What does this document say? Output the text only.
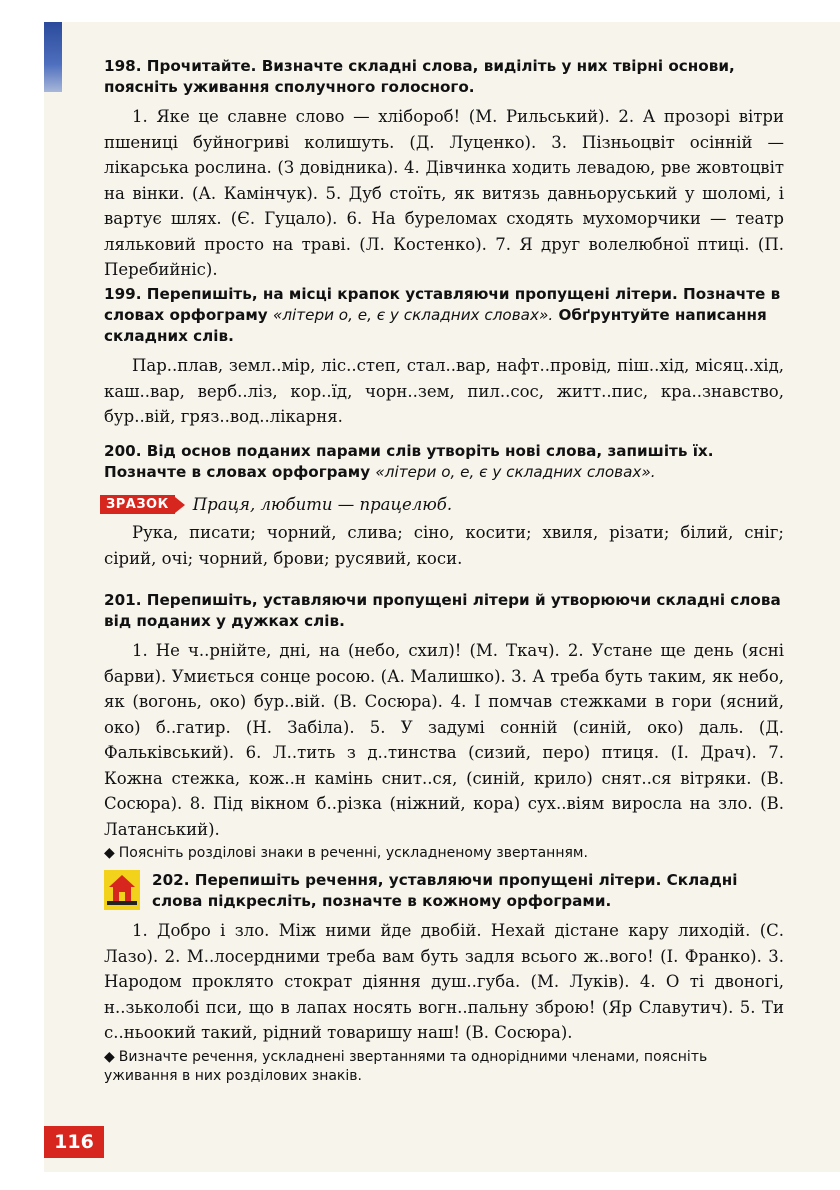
198. Прочитайте. Визначте складні слова, виділіть у них твірні основи, поясніть уживання сполучного голосного.

1. Яке це славне слово — хлібороб! (М. Рильський). 2. А прозорі вітри пшениці буйногриві колишуть. (Д. Луценко). 3. Пізньоцвіт осінній — лікарська рослина. (З довідника). 4. Дівчинка ходить левадою, рве жовтоцвіт на вінки. (А. Камінчук). 5. Дуб стоїть, як витязь давньоруський у шоломі, і вартує шлях. (Є. Гуцало). 6. На буреломах сходять мухоморчики — театр ляльковий просто на траві. (Л. Костенко). 7. Я друг волелюбної птиці. (П. Перебийніс).

199. Перепишіть, на місці крапок уставляючи пропущені літери. Позначте в словах орфограму «літери о, е, є у складних словах». Обґрунтуйте написання складних слів.

Пар..плав, земл..мір, ліс..степ, стал..вар, нафт..провід, піш..хід, місяц..хід, каш..вар, верб..лiз, кор..їд, чорн..зем, пил..сос, житт..пис, кра..знавство, бур..вій, гряз..вод..лікарня.

200. Від основ поданих парами слів утворіть нові слова, запишіть їх. Позначте в словах орфограму «літери о, е, є у складних словах».

ЗРАЗОК	Праця, любити — працелюб.

Рука, писати; чорний, слива; сіно, косити; хвиля, різати; білий, сніг; сірий, очі; чорний, брови; русявий, коси.

201. Перепишіть, уставляючи пропущені літери й утворюючи складні слова від поданих у дужках слів.

1. Не ч..рнійте, дні, на (небо, схил)! (М. Ткач). 2. Устане ще день (ясні барви). Умиється сонце росою. (А. Малишко). 3. А треба буть таким, як небо, як (вогонь, око) бур..вій. (В. Сосюра). 4. І помчав стежками в гори (ясний, око) б..гатир. (Н. Забіла). 5. У задумі сонній (синій, око) даль. (Д. Фальківський). 6. Л..тить з д..тинства (сизий, перо) птиця. (І. Драч). 7. Кожна стежка, кож..н камінь снит..ся, (синій, крило) снят..ся вітряки. (В. Сосюра). 8. Під вікном б..різка (ніжний, кора) сух..віям виросла на зло. (В. Латанський).

◆ Поясніть розділові знаки в реченні, ускладненому звертанням.

202. Перепишіть речення, уставляючи пропущені літери. Складні слова підкресліть, позначте в кожному орфограми.

1. Добро і зло. Між ними йде двобій. Нехай дістане кару лиходій. (С. Лазо). 2. М..лосердними треба вам буть задля всього ж..вого! (І. Франко). 3. Народом проклято стократ діяння душ..губа. (М. Луків). 4. О ті двоногі, н..зьколобі пси, що в лапах носять вогн..пальну зброю! (Яр Славутич). 5. Ти с..ньоокий такий, рідний товаришу наш! (В. Сосюра).

◆ Визначте речення, ускладнені звертаннями та однорідними членами, поясніть уживання в них розділових знаків.

116
